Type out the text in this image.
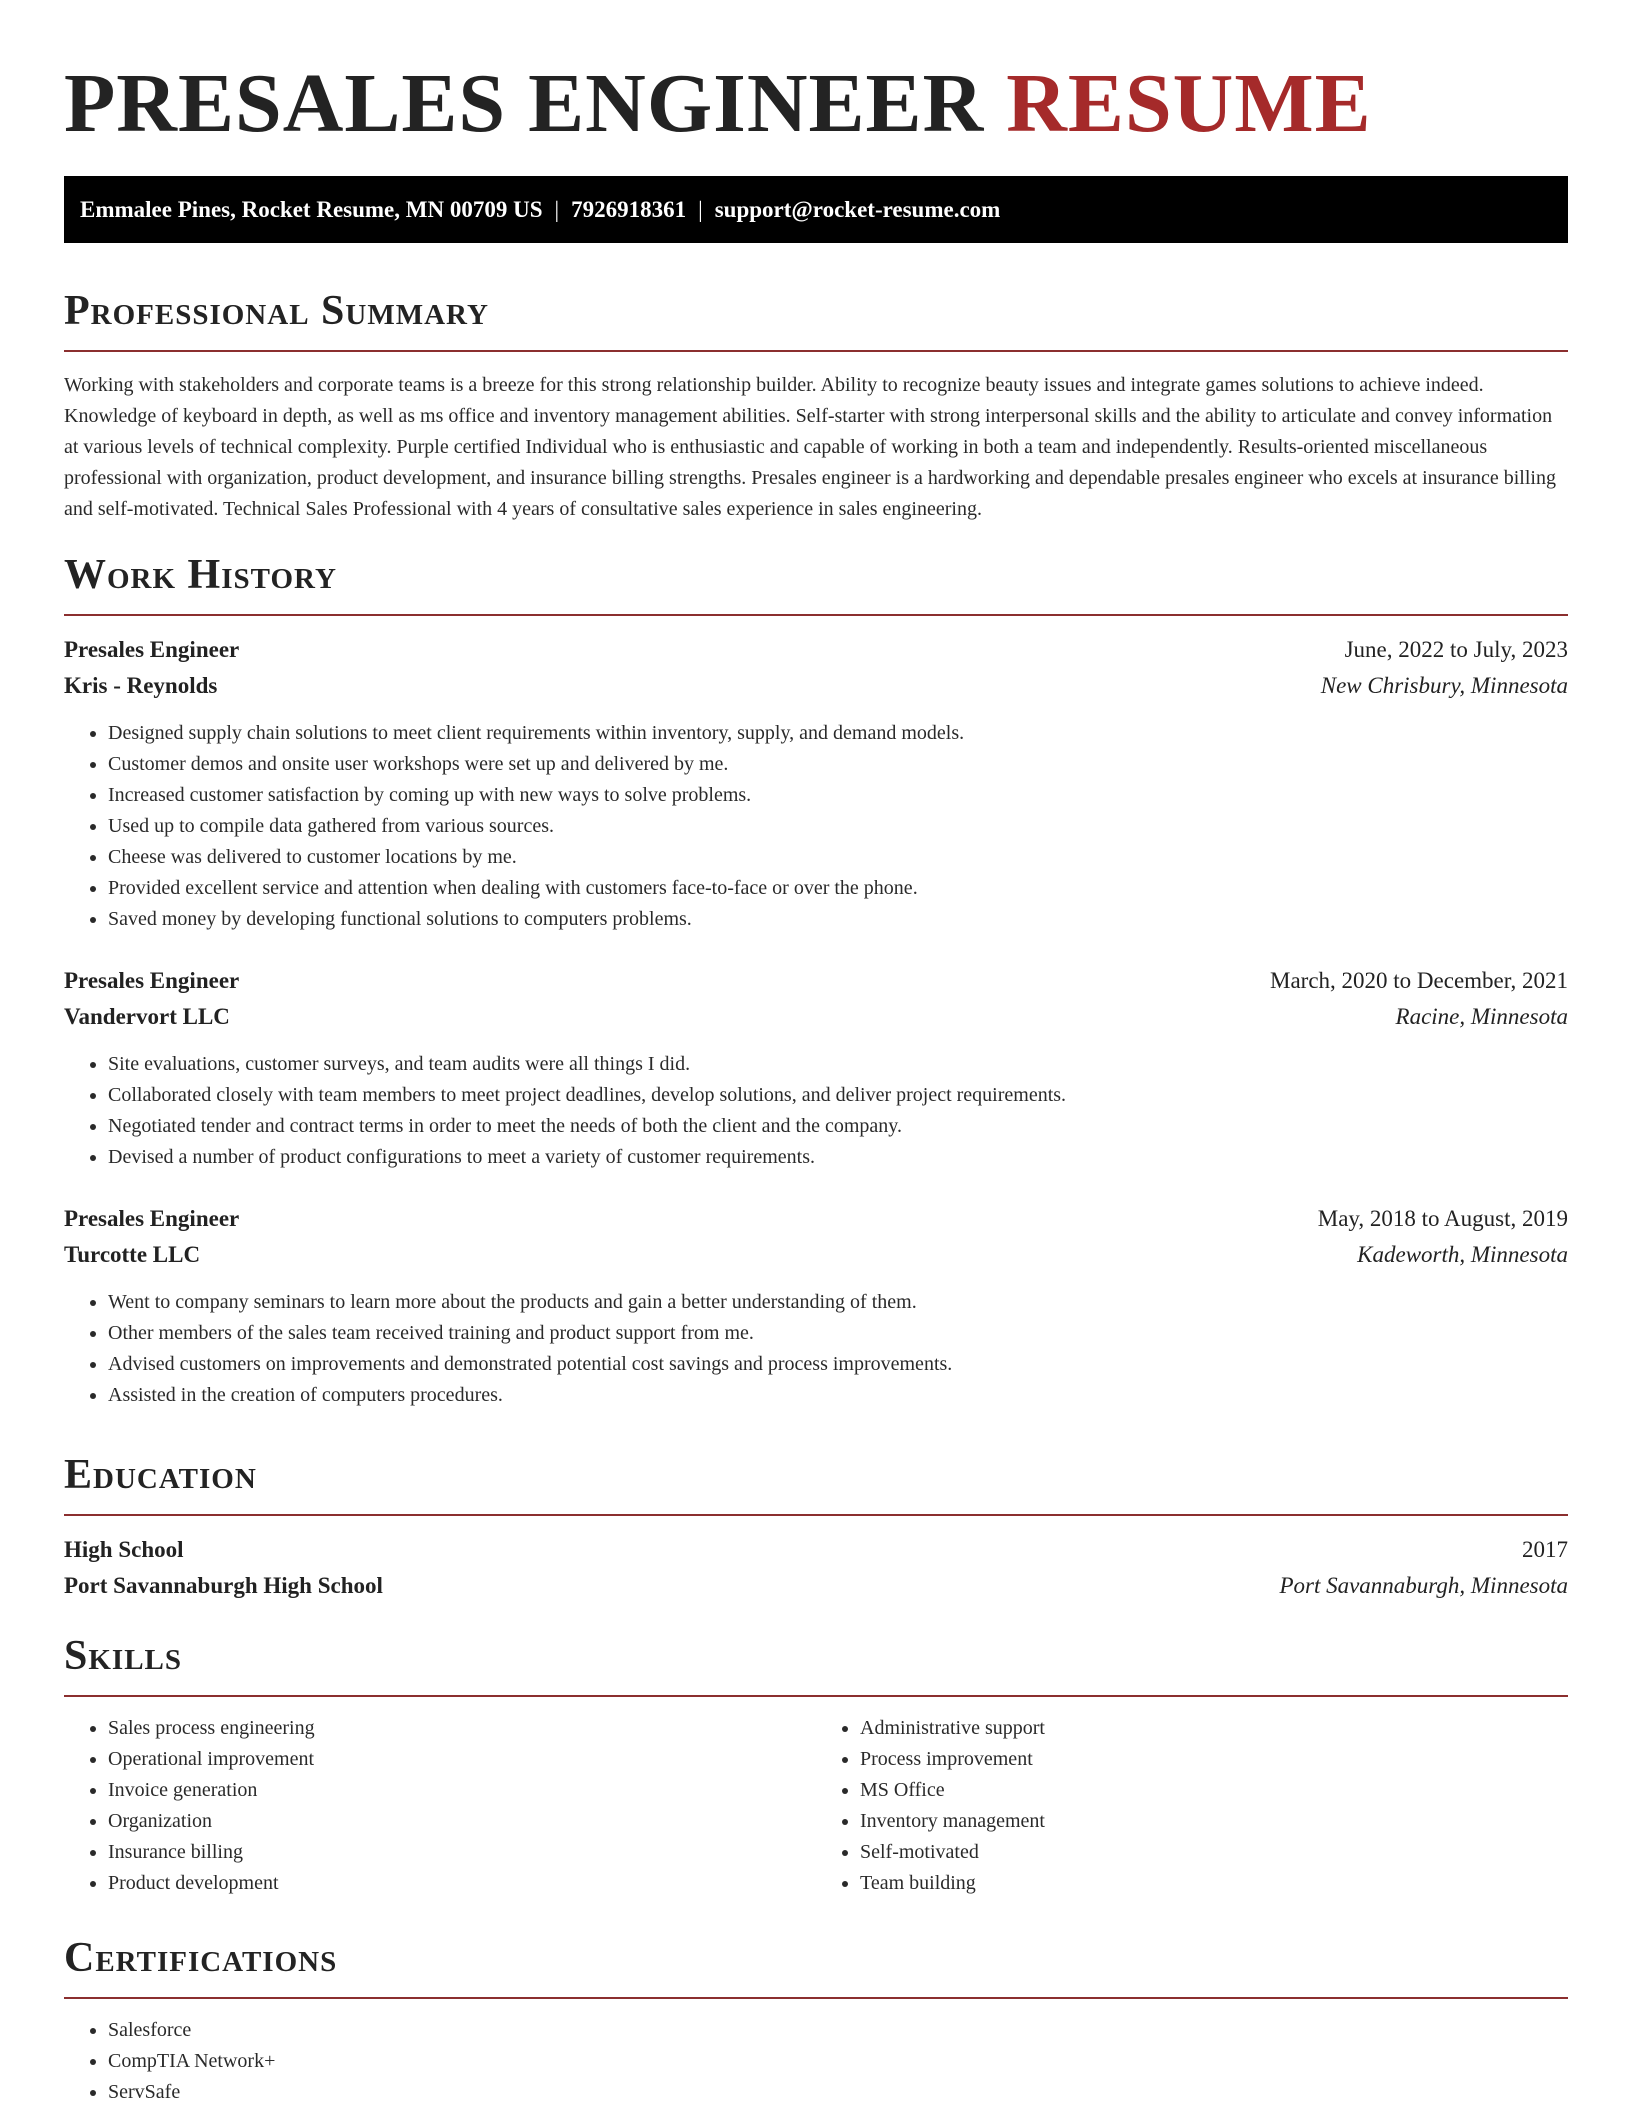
PRESALES ENGINEER RESUME
Emmalee Pines, Rocket Resume, MN 00709 US | 7926918361 | support@rocket-resume.com
Professional Summary

Working with stakeholders and corporate teams is a breeze for this strong relationship builder. Ability to recognize beauty issues and integrate games solutions to achieve indeed. Knowledge of keyboard in depth, as well as ms office and inventory management abilities. Self-starter with strong interpersonal skills and the ability to articulate and convey information at various levels of technical complexity. Purple certified Individual who is enthusiastic and capable of working in both a team and independently. Results-oriented miscellaneous professional with organization, product development, and insurance billing strengths. Presales engineer is a hardworking and dependable presales engineer who excels at insurance billing and self-motivated. Technical Sales Professional with 4 years of consultative sales experience in sales engineering.

Work History
Presales Engineer	June, 2022 to July, 2023
Kris - Reynolds	New Chrisbury, Minnesota
• Designed supply chain solutions to meet client requirements within inventory, supply, and demand models.
• Customer demos and onsite user workshops were set up and delivered by me.
• Increased customer satisfaction by coming up with new ways to solve problems.
• Used up to compile data gathered from various sources.
• Cheese was delivered to customer locations by me.
• Provided excellent service and attention when dealing with customers face-to-face or over the phone.
• Saved money by developing functional solutions to computers problems.
Presales Engineer	March, 2020 to December, 2021
Vandervort LLC	Racine, Minnesota
• Site evaluations, customer surveys, and team audits were all things I did.
• Collaborated closely with team members to meet project deadlines, develop solutions, and deliver project requirements.
• Negotiated tender and contract terms in order to meet the needs of both the client and the company.
• Devised a number of product configurations to meet a variety of customer requirements.
Presales Engineer	May, 2018 to August, 2019
Turcotte LLC	Kadeworth, Minnesota
• Went to company seminars to learn more about the products and gain a better understanding of them.
• Other members of the sales team received training and product support from me.
• Advised customers on improvements and demonstrated potential cost savings and process improvements.
• Assisted in the creation of computers procedures.
Education
High School	2017
Port Savannaburgh High School	Port Savannaburgh, Minnesota
Skills
• Sales process engineering
• Operational improvement
• Invoice generation
• Organization
• Insurance billing
• Product development
• Administrative support
• Process improvement
• MS Office
• Inventory management
• Self-motivated
• Team building
Certifications
• Salesforce
• CompTIA Network+
• ServSafe
